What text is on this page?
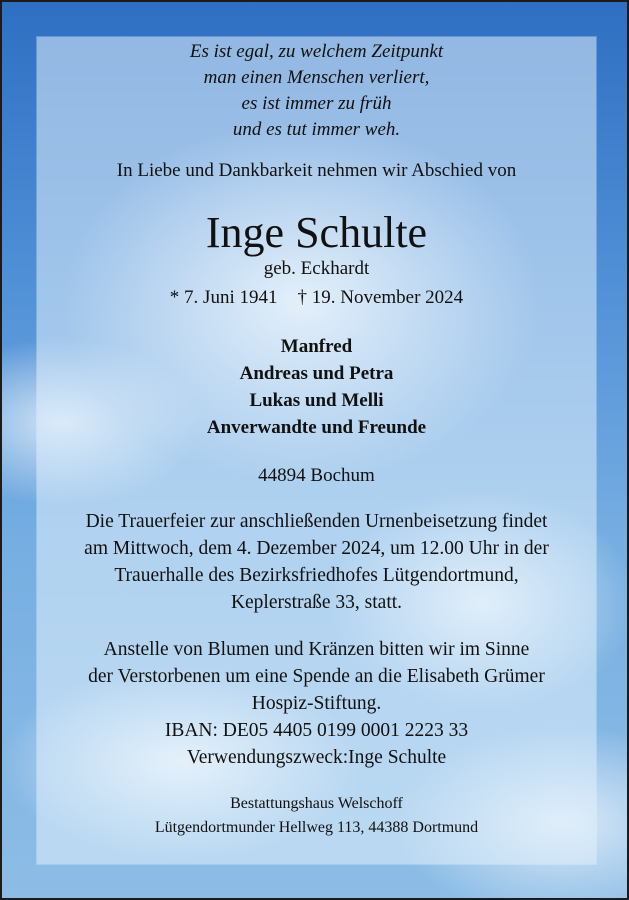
Es ist egal, zu welchem Zeitpunkt
man einen Menschen verliert,
es ist immer zu früh
und es tut immer weh.
In Liebe und Dankbarkeit nehmen wir Abschied von
Inge Schulte
geb. Eckhardt
* 7. Juni 1941 † 19. November 2024
Manfred
Andreas und Petra
Lukas und Melli
Anverwandte und Freunde
44894 Bochum
Die Trauerfeier zur anschließenden Urnenbeisetzung findet
am Mittwoch, dem 4. Dezember 2024, um 12.00 Uhr in der
Trauerhalle des Bezirksfriedhofes Lütgendortmund,
Keplerstraße 33, statt.
Anstelle von Blumen und Kränzen bitten wir im Sinne
der Verstorbenen um eine Spende an die Elisabeth Grümer
Hospiz-Stiftung.
IBAN: DE05 4405 0199 0001 2223 33
Verwendungszweck:Inge Schulte
Bestattungshaus Welschoff
Lütgendortmunder Hellweg 113, 44388 Dortmund
